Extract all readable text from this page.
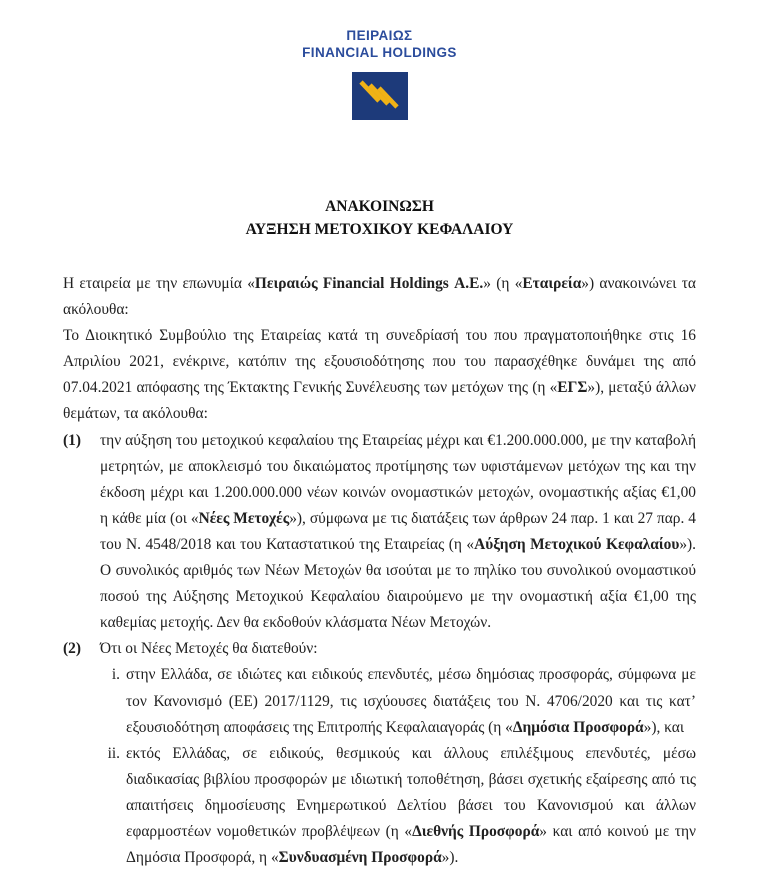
ΠΕΙΡΑΙΩΣ
FINANCIAL HOLDINGS
ΑΝΑΚΟΙΝΩΣΗ
ΑΥΞΗΣΗ ΜΕΤΟΧΙΚΟΥ ΚΕΦΑΛΑΙΟΥ

Η εταιρεία με την επωνυμία «Πειραιώς Financial Holdings Α.Ε.» (η «Εταιρεία») ανακοινώνει τα ακόλουθα:

Το Διοικητικό Συμβούλιο της Εταιρείας κατά τη συνεδρίασή του που πραγματοποιήθηκε στις 16 Απριλίου 2021, ενέκρινε, κατόπιν της εξουσιοδότησης που του παρασχέθηκε δυνάμει της από 07.04.2021 απόφασης της Έκτακτης Γενικής Συνέλευσης των μετόχων της (η «ΕΓΣ»), μεταξύ άλλων θεμάτων, τα ακόλουθα:

(1) την αύξηση του μετοχικού κεφαλαίου της Εταιρείας μέχρι και €1.200.000.000, με την καταβολή μετρητών, με αποκλεισμό του δικαιώματος προτίμησης των υφιστάμενων μετόχων της και την έκδοση μέχρι και 1.200.000.000 νέων κοινών ονομαστικών μετοχών, ονομαστικής αξίας €1,00 η κάθε μία (οι «Νέες Μετοχές»), σύμφωνα με τις διατάξεις των άρθρων 24 παρ. 1 και 27 παρ. 4 του Ν. 4548/2018 και του Καταστατικού της Εταιρείας (η «Αύξηση Μετοχικού Κεφαλαίου»). Ο συνολικός αριθμός των Νέων Μετοχών θα ισούται με το πηλίκο του συνολικού ονομαστικού ποσού της Αύξησης Μετοχικού Κεφαλαίου διαιρούμενο με την ονομαστική αξία €1,00 της καθεμίας μετοχής. Δεν θα εκδοθούν κλάσματα Νέων Μετοχών.
(2) Ότι οι Νέες Μετοχές θα διατεθούν:
i. στην Ελλάδα, σε ιδιώτες και ειδικούς επενδυτές, μέσω δημόσιας προσφοράς, σύμφωνα με τον Κανονισμό (ΕΕ) 2017/1129, τις ισχύουσες διατάξεις του Ν. 4706/2020 και τις κατ’ εξουσιοδότηση αποφάσεις της Επιτροπής Κεφαλαιαγοράς (η «Δημόσια Προσφορά»), και
ii. εκτός Ελλάδας, σε ειδικούς, θεσμικούς και άλλους επιλέξιμους επενδυτές, μέσω διαδικασίας βιβλίου προσφορών με ιδιωτική τοποθέτηση, βάσει σχετικής εξαίρεσης από τις απαιτήσεις δημοσίευσης Ενημερωτικού Δελτίου βάσει του Κανονισμού και άλλων εφαρμοστέων νομοθετικών προβλέψεων (η «Διεθνής Προσφορά» και από κοινού με την Δημόσια Προσφορά, η «Συνδυασμένη Προσφορά»).
